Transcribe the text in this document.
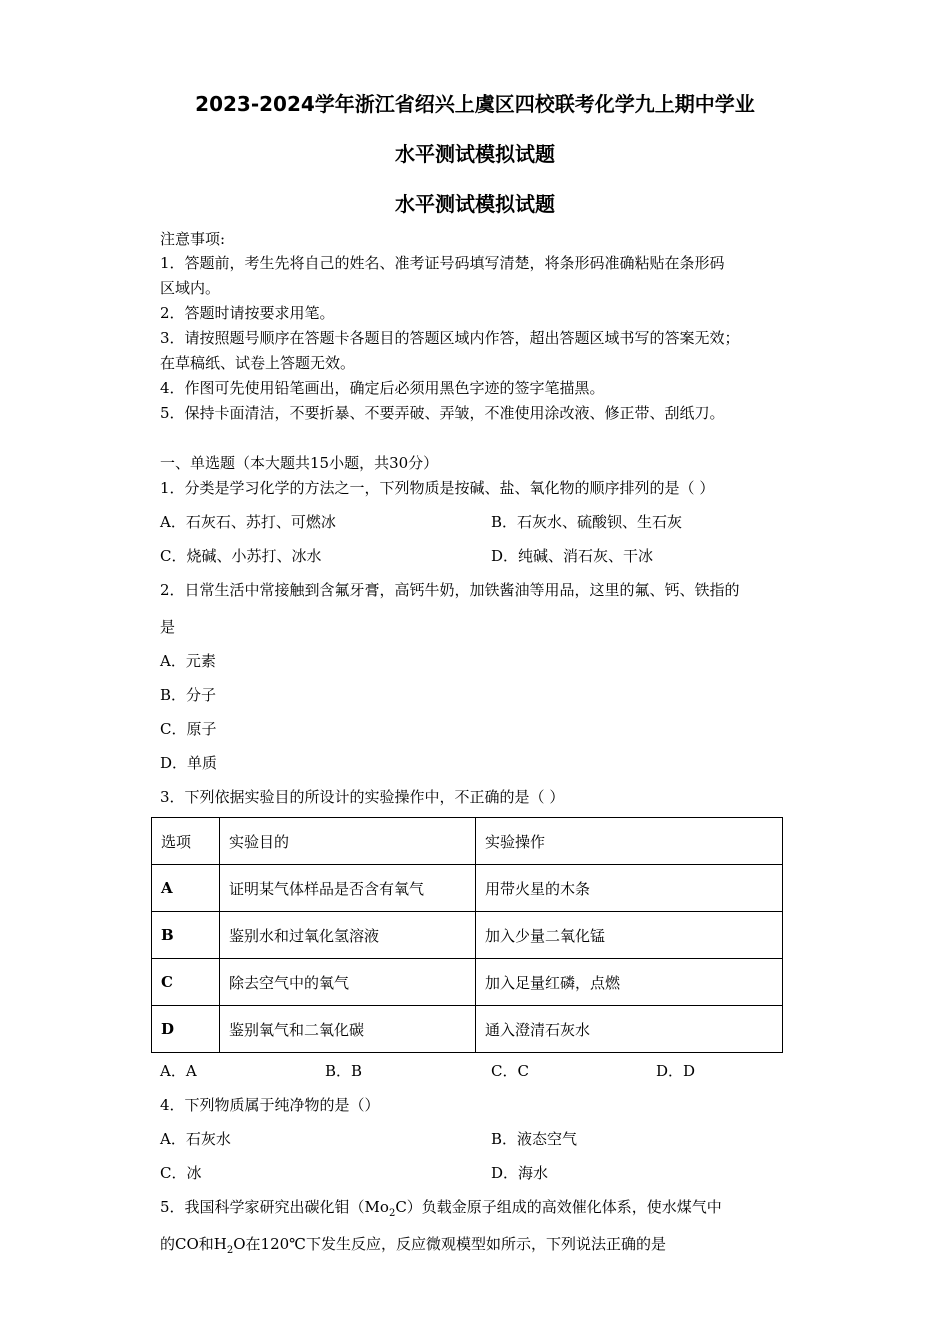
2023-2024学年浙江省绍兴上虞区四校联考化学九上期中学业
水平测试模拟试题
水平测试模拟试题
注意事项:
1．答题前，考生先将自己的姓名、准考证号码填写清楚，将条形码准确粘贴在条形码
区域内。
2．答题时请按要求用笔。
3．请按照题号顺序在答题卡各题目的答题区域内作答，超出答题区域书写的答案无效；
在草稿纸、试卷上答题无效。
4．作图可先使用铅笔画出，确定后必须用黑色字迹的签字笔描黑。
5．保持卡面清洁，不要折暴、不要弄破、弄皱，不准使用涂改液、修正带、刮纸刀。
一、单选题（本大题共15小题，共30分）
1．分类是学习化学的方法之一，下列物质是按碱、盐、氧化物的顺序排列的是（ ）
A．石灰石、苏打、可燃冰	B．石灰水、硫酸钡、生石灰
C．烧碱、小苏打、冰水	D．纯碱、消石灰、干冰
2．日常生活中常接触到含氟牙膏，高钙牛奶，加铁酱油等用品，这里的氟、钙、铁指的
是
A．元素
B．分子
C．原子
D．单质
3．下列依据实验目的所设计的实验操作中，不正确的是（ ）
选项	实验目的	实验操作
A	证明某气体样品是否含有氧气	用带火星的木条
B	鉴别水和过氧化氢溶液	加入少量二氧化锰
C	除去空气中的氧气	加入足量红磷，点燃
D	鉴别氧气和二氧化碳	通入澄清石灰水
A．A	B．B	C．C	D．D
4．下列物质属于纯净物的是（）
A．石灰水	B．液态空气
C．冰	D．海水
5．我国科学家研究出碳化钼$(Mo_2C)$负载金原子组成的高效催化体系，使水煤气中
的CO和$H_2O$在120℃下发生反应，反应微观模型如所示，下列说法正确的是
